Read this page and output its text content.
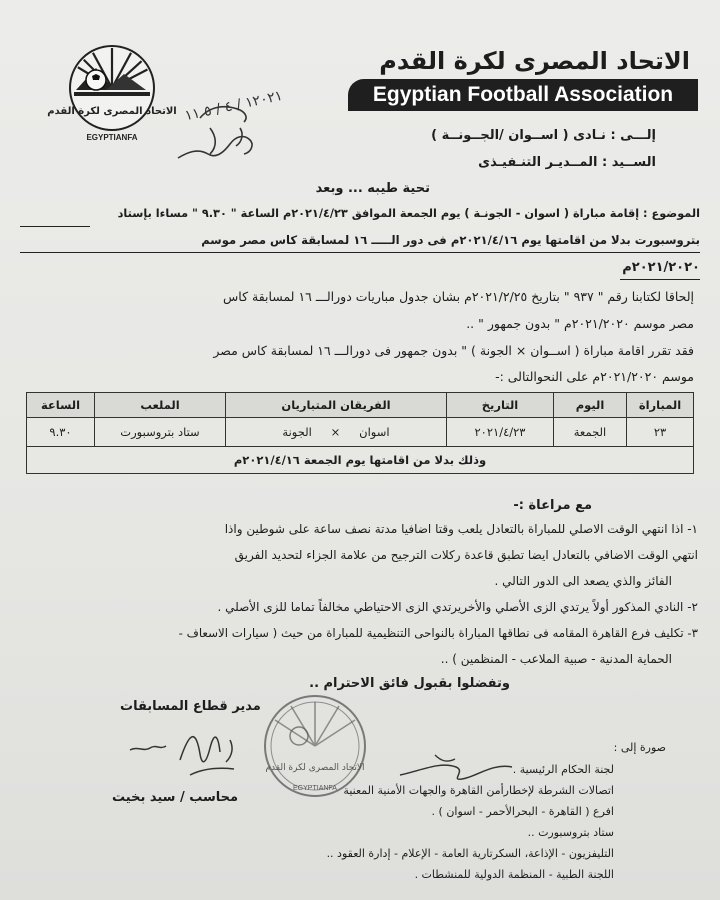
الاتحاد المصرى لكرة القدم
EGYPTIANFA
١٢٠٢١ / ٤ / ٥ ١١
الاتحاد المصرى لكرة القدم
Egyptian Football Association
إلـــى : نـادى ( اســوان /الجــونــة )
الســيد : المــديـر التنـفيـذى
تحية طيبه ... وبعد
الموضوع : إقامة مباراة ( اسوان - الجونـة ) يوم الجمعة الموافق ٢٠٢١/٤/٢٣م الساعة " ٩.٣٠ " مساءا بإستاد
بتروسبورت بدلا من اقامتها يوم ٢٠٢١/٤/١٦م فى دور الـــــ ١٦ لمسابقة كاس مصر موسم
٢٠٢١/٢٠٢٠م
إلحاقا لكتابنا رقم " ٩٣٧ " بتاريخ ٢٠٢١/٢/٢٥م بشان جدول مباريات دورالـــ ١٦ لمسابقة كاس
مصر موسم ٢٠٢١/٢٠٢٠م " بدون جمهور " ..
فقد تقرر اقامة مباراة ( اســوان × الجونة ) " بدون جمهور فى دورالـــ ١٦ لمسابقة كاس مصر
موسم ٢٠٢١/٢٠٢٠م على النحوالتالى :-
المباراة	اليوم	التاريخ	الفريقان المتباريان	الملعب	الساعة
٢٣	الجمعة	٢٠٢١/٤/٢٣	اسوان × الجونة	ستاد بتروسبورت	٩.٣٠
وذلك بدلا من اقامتها يوم الجمعة ٢٠٢١/٤/١٦م					
مع مراعاة :-
١- اذا انتهي الوقت الاصلي للمباراة بالتعادل يلعب وقتا اضافيا مدتة نصف ساعة على شوطين واذا
انتهي الوقت الاضافي بالتعادل ايضا تطبق قاعدة ركلات الترجيح من علامة الجزاء لتحديد الفريق
الفائز والذي يصعد الى الدور التالي .
٢- النادي المذكور أولاً يرتدي الزى الأصلي والأخريرتدي الزى الاحتياطي مخالفاً تماما للزى الأصلي .
٣- تكليف فرع القاهرة المقامه فى نطاقها المباراة بالنواحى التنظيمية للمباراة من حيث ( سيارات الاسعاف -
الحماية المدنية - صبية الملاعب - المنظمين ) ..
وتفضلوا بقبول فائق الاحترام ..
مدير قطاع المسابقات
محاسب / سيد بخيت
الاتحاد المصرى لكرة القدم
EGYPTIANFA
صورة إلى :
لجنة الحكام الرئيسية .
اتصالات الشرطة لإخطارأمن القاهرة والجهات الأمنية المعنية
افرع ( القاهرة - البحرالأحمر - اسوان ) .
ستاد بتروسبورت ..
التليفزيون - الإذاعة، السكرتارية العامة - الإعلام - إدارة العقود ..
اللجنة الطبية - المنظمة الدولية للمنشطات .
